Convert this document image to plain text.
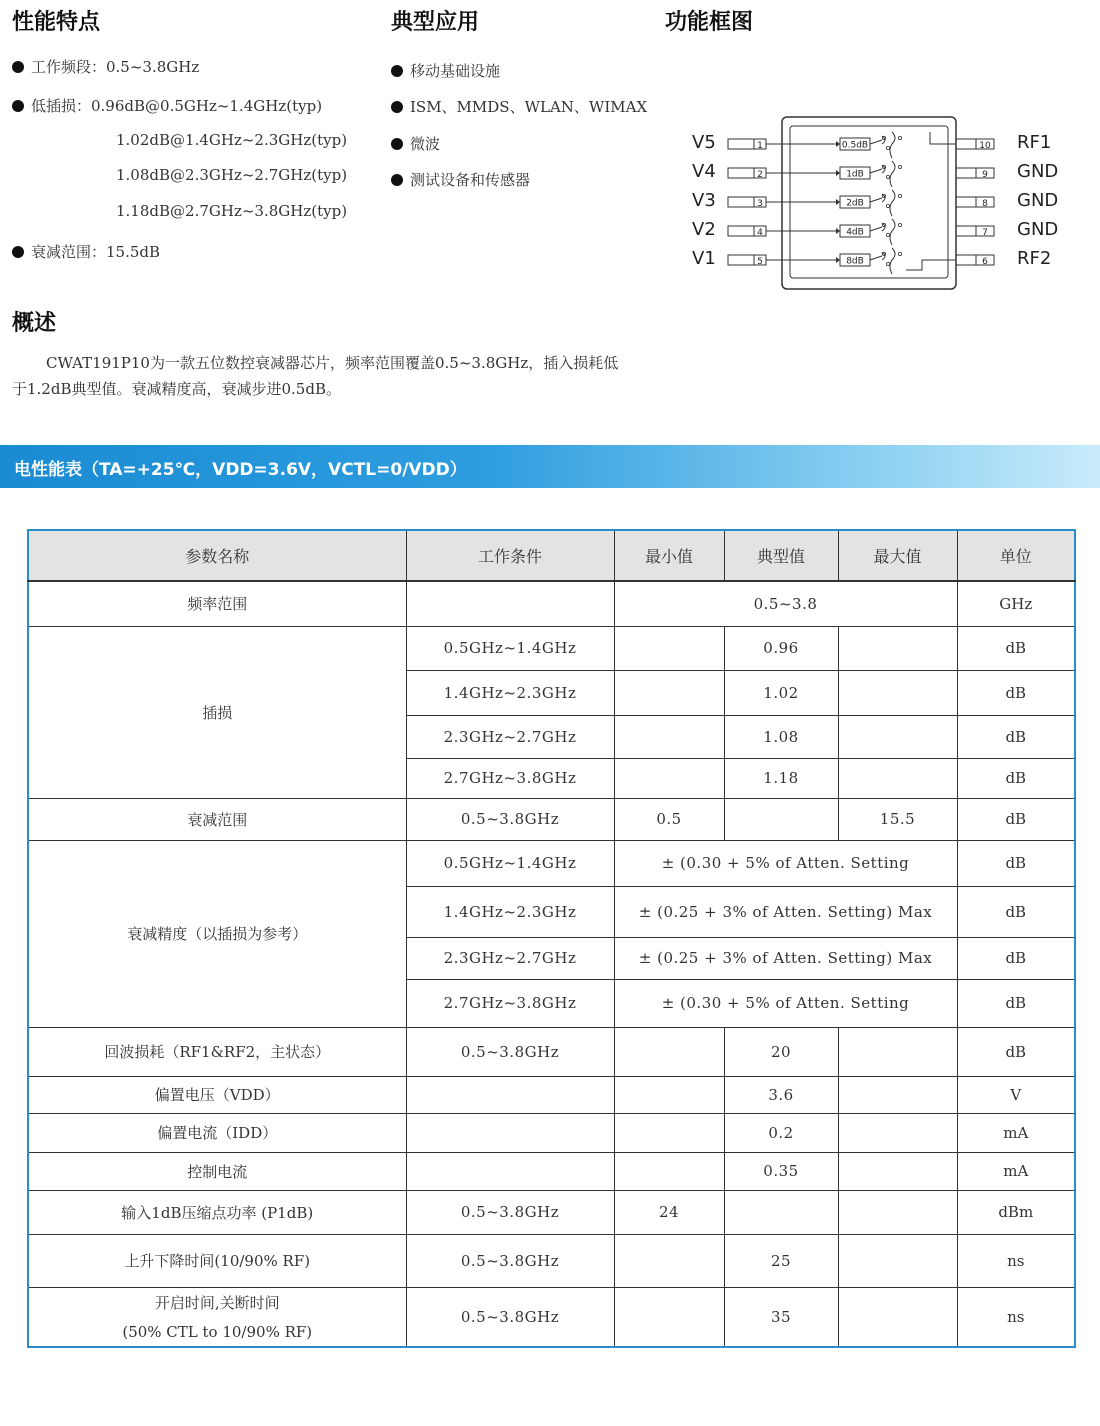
性能特点	典型应用	功能框图
工作频段：0.5~3.8GHz
低插损：0.96dB@0.5GHz~1.4GHz(typ)
1.02dB@1.4GHz~2.3GHz(typ)
1.08dB@2.3GHz~2.7GHz(typ)
1.18dB@2.7GHz~3.8GHz(typ)
衰减范围：15.5dB
移动基础设施
ISM、MMDS、WLAN、WIMAX
微波
测试设备和传感器
1	0.5dB
2	1dB
3	2dB
4	4dB
5	8dB
10
9
8
7
6
V5
V4
V3
V2
V1
RF1
GND
GND
GND
RF2
概述
CWAT191P10为一款五位数控衰减器芯片，频率范围覆盖0.5~3.8GHz，插入损耗低于1.2dB典型值。衰减精度高，衰减步进0.5dB。
电性能表（TA=+25℃，VDD=3.6V，VCTL=0/VDD）
参数名称	工作条件	最小值	典型值	最大值	单位
频率范围		0.5~3.8			GHz
插损	0.5GHz~1.4GHz		0.96		dB
	1.4GHz~2.3GHz		1.02		dB
	2.3GHz~2.7GHz		1.08		dB
	2.7GHz~3.8GHz		1.18		dB
衰减范围	0.5~3.8GHz	0.5		15.5	dB
衰减精度（以插损为参考）	0.5GHz~1.4GHz	± (0.30 + 5% of Atten. Setting			dB
	1.4GHz~2.3GHz	± (0.25 + 3% of Atten. Setting) Max			dB
	2.3GHz~2.7GHz	± (0.25 + 3% of Atten. Setting) Max			dB
	2.7GHz~3.8GHz	± (0.30 + 5% of Atten. Setting			dB
回波损耗（RF1&RF2，主状态）	0.5~3.8GHz		20		dB
偏置电压（VDD）			3.6		V
偏置电流（IDD）			0.2		mA
控制电流			0.35		mA
输入1dB压缩点功率 (P1dB)	0.5~3.8GHz	24			dBm
上升下降时间(10/90% RF)	0.5~3.8GHz		25		ns

开启时间,关断时间
(50% CTL to 10/90% RF)	0.5~3.8GHz		35		ns
